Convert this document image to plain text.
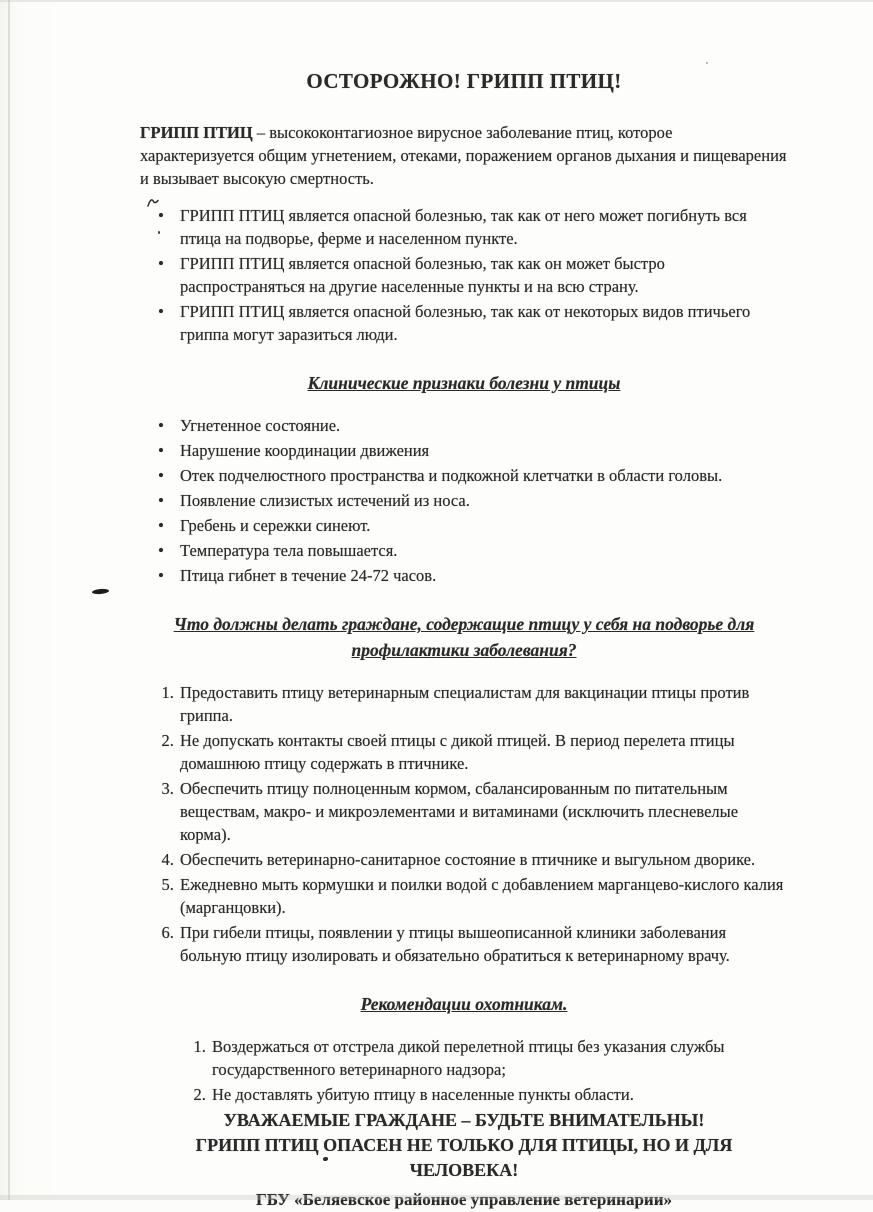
ОСТОРОЖНО! ГРИПП ПТИЦ!

ГРИПП ПТИЦ – высококонтагиозное вирусное заболевание птиц, которое характеризуется общим угнетением, отеками, поражением органов дыхания и пищеварения и вызывает высокую смертность.

• ГРИПП ПТИЦ является опасной болезнью, так как от него может погибнуть вся птица на подворье, ферме и населенном пункте.
• ГРИПП ПТИЦ является опасной болезнью, так как он может быстро распространяться на другие населенные пункты и на всю страну.
• ГРИПП ПТИЦ является опасной болезнью, так как от некоторых видов птичьего гриппа могут заразиться люди.
Клинические признаки болезни у птицы
• Угнетенное состояние.
• Нарушение координации движения
• Отек подчелюстного пространства и подкожной клетчатки в области головы.
• Появление слизистых истечений из носа.
• Гребень и сережки синеют.
• Температура тела повышается.
• Птица гибнет в течение 24-72 часов.
Что должны делать граждане, содержащие птицу у себя на подворье для профилактики заболевания?
1. Предоставить птицу ветеринарным специалистам для вакцинации птицы против гриппа.
2. Не допускать контакты своей птицы с дикой птицей. В период перелета птицы домашнюю птицу содержать в птичнике.
3. Обеспечить птицу полноценным кормом, сбалансированным по питательным веществам, макро- и микроэлементами и витаминами (исключить плесневелые корма).
4. Обеспечить ветеринарно-санитарное состояние в птичнике и выгульном дворике.
5. Ежедневно мыть кормушки и поилки водой с добавлением марганцево-кислого калия (марганцовки).
6. При гибели птицы, появлении у птицы вышеописанной клиники заболевания больную птицу изолировать и обязательно обратиться к ветеринарному врачу.
Рекомендации охотникам.
1. Воздержаться от отстрела дикой перелетной птицы без указания службы государственного ветеринарного надзора;
2. Не доставлять убитую птицу в населенные пункты области.

УВАЖАЕМЫЕ ГРАЖДАНЕ – БУДЬТЕ ВНИМАТЕЛЬНЫ!

ГРИПП ПТИЦ ОПАСЕН НЕ ТОЛЬКО ДЛЯ ПТИЦЫ, НО И ДЛЯ ЧЕЛОВЕКА!

ГБУ «Беляевское районное управление ветеринарии»
